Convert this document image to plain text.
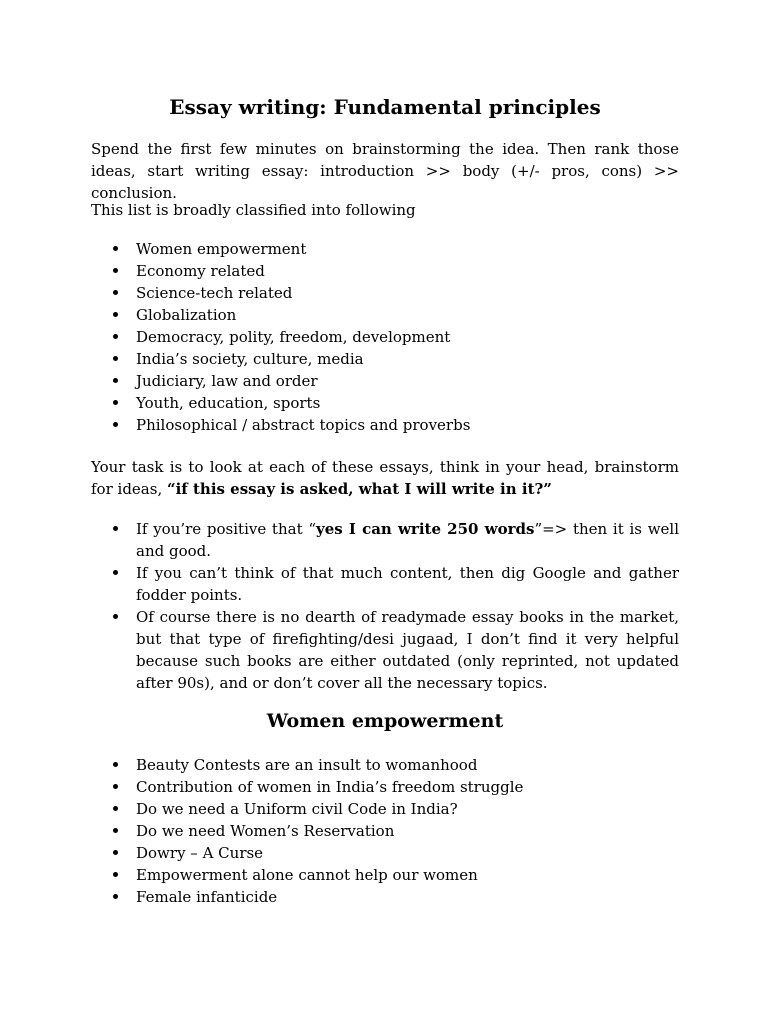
Essay writing: Fundamental principles

Spend the first few minutes on brainstorming the idea. Then rank those ideas, start writing essay: introduction >> body (+/- pros, cons) >> conclusion.

This list is broadly classified into following

Women empowerment
Economy related
Science-tech related
Globalization
Democracy, polity, freedom, development
India’s society, culture, media
Judiciary, law and order
Youth, education, sports
Philosophical / abstract topics and proverbs

Your task is to look at each of these essays, think in your head, brainstorm for ideas, “if this essay is asked, what I will write in it?”

If you’re positive that “yes I can write 250 words”=> then it is well and good.
If you can’t think of that much content, then dig Google and gather fodder points.
Of course there is no dearth of readymade essay books in the market, but that type of firefighting/desi jugaad, I don’t find it very helpful because such books are either outdated (only reprinted, not updated after 90s), and or don’t cover all the necessary topics.
Women empowerment
Beauty Contests are an insult to womanhood
Contribution of women in India’s freedom struggle
Do we need a Uniform civil Code in India?
Do we need Women’s Reservation
Dowry – A Curse
Empowerment alone cannot help our women
Female infanticide
